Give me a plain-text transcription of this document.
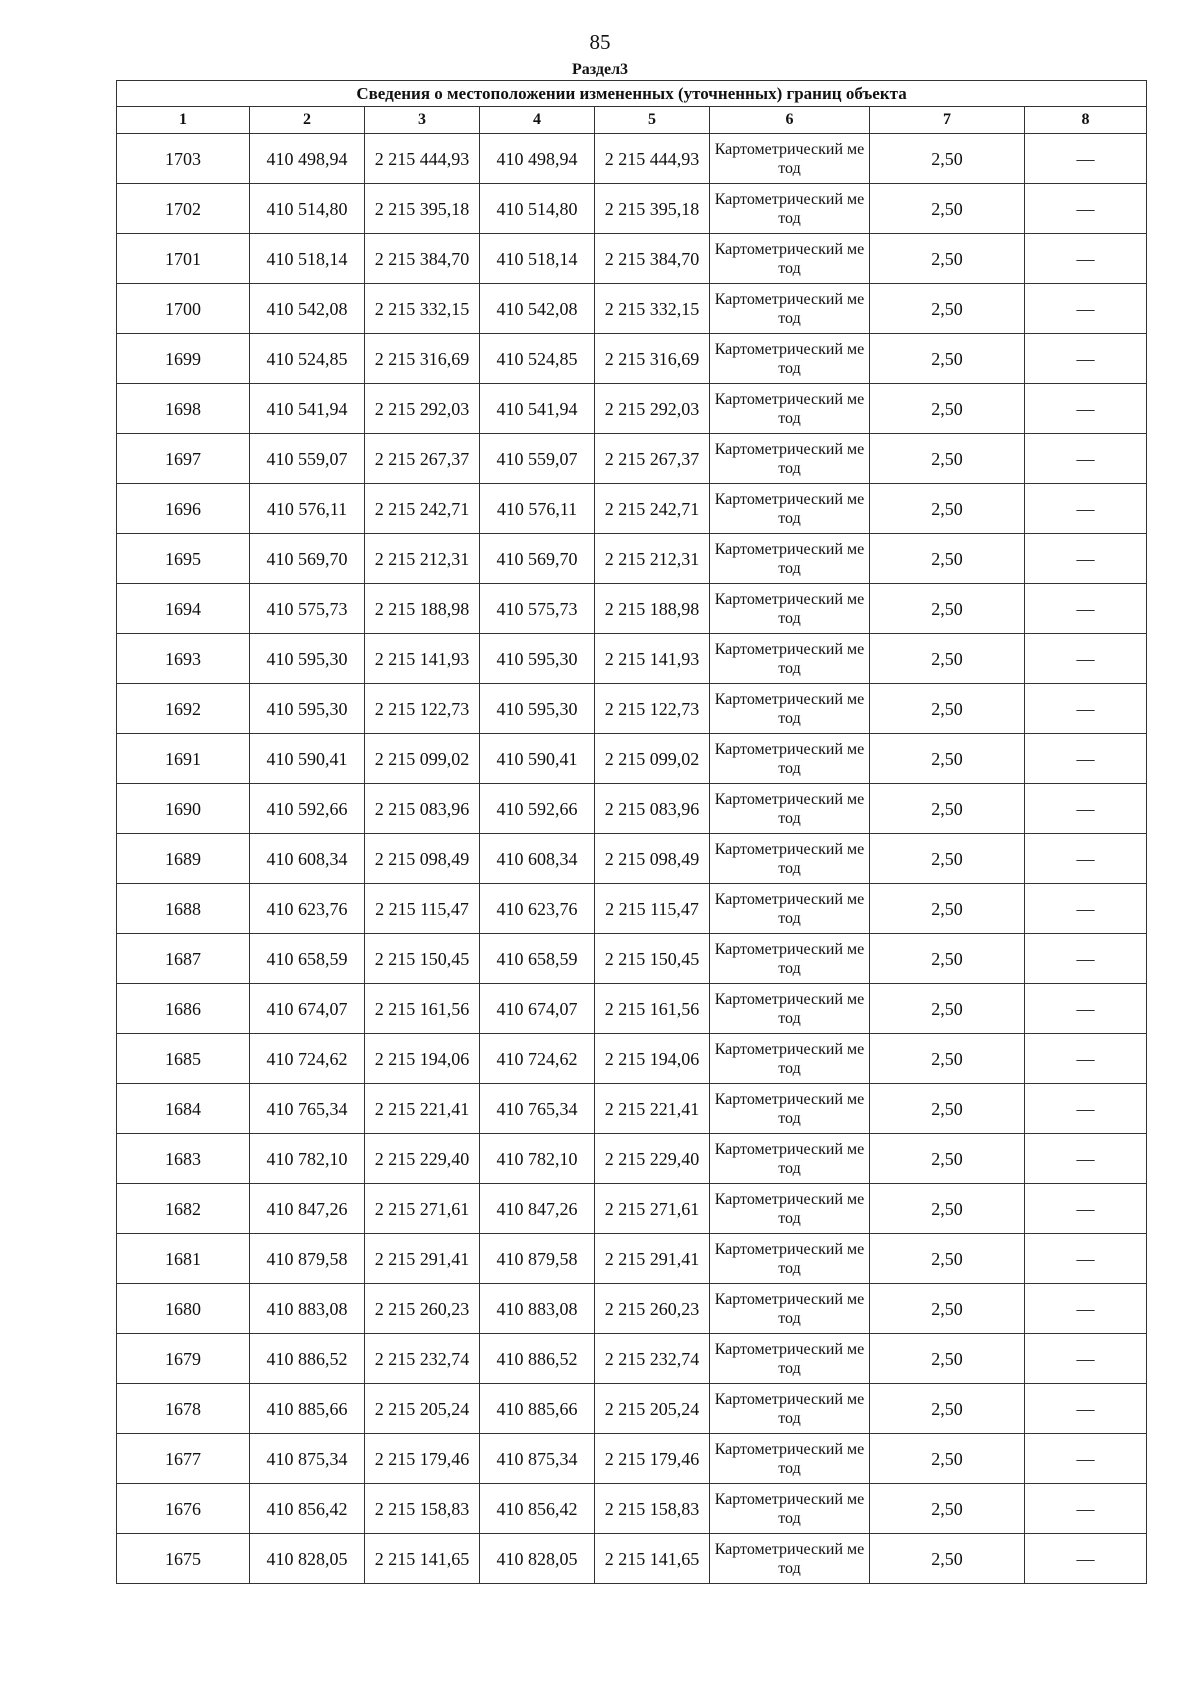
85
Раздел3
Сведения о местоположении измененных (уточненных) границ объекта							
1	2	3	4	5	6	7	8
1703	410 498,94	2 215 444,93	410 498,94	2 215 444,93	Картометрический метод	2,50	—
1702	410 514,80	2 215 395,18	410 514,80	2 215 395,18	Картометрический метод	2,50	—
1701	410 518,14	2 215 384,70	410 518,14	2 215 384,70	Картометрический метод	2,50	—
1700	410 542,08	2 215 332,15	410 542,08	2 215 332,15	Картометрический метод	2,50	—
1699	410 524,85	2 215 316,69	410 524,85	2 215 316,69	Картометрический метод	2,50	—
1698	410 541,94	2 215 292,03	410 541,94	2 215 292,03	Картометрический метод	2,50	—
1697	410 559,07	2 215 267,37	410 559,07	2 215 267,37	Картометрический метод	2,50	—
1696	410 576,11	2 215 242,71	410 576,11	2 215 242,71	Картометрический метод	2,50	—
1695	410 569,70	2 215 212,31	410 569,70	2 215 212,31	Картометрический метод	2,50	—
1694	410 575,73	2 215 188,98	410 575,73	2 215 188,98	Картометрический метод	2,50	—
1693	410 595,30	2 215 141,93	410 595,30	2 215 141,93	Картометрический метод	2,50	—
1692	410 595,30	2 215 122,73	410 595,30	2 215 122,73	Картометрический метод	2,50	—
1691	410 590,41	2 215 099,02	410 590,41	2 215 099,02	Картометрический метод	2,50	—
1690	410 592,66	2 215 083,96	410 592,66	2 215 083,96	Картометрический метод	2,50	—
1689	410 608,34	2 215 098,49	410 608,34	2 215 098,49	Картометрический метод	2,50	—
1688	410 623,76	2 215 115,47	410 623,76	2 215 115,47	Картометрический метод	2,50	—
1687	410 658,59	2 215 150,45	410 658,59	2 215 150,45	Картометрический метод	2,50	—
1686	410 674,07	2 215 161,56	410 674,07	2 215 161,56	Картометрический метод	2,50	—
1685	410 724,62	2 215 194,06	410 724,62	2 215 194,06	Картометрический метод	2,50	—
1684	410 765,34	2 215 221,41	410 765,34	2 215 221,41	Картометрический метод	2,50	—
1683	410 782,10	2 215 229,40	410 782,10	2 215 229,40	Картометрический метод	2,50	—
1682	410 847,26	2 215 271,61	410 847,26	2 215 271,61	Картометрический метод	2,50	—
1681	410 879,58	2 215 291,41	410 879,58	2 215 291,41	Картометрический метод	2,50	—
1680	410 883,08	2 215 260,23	410 883,08	2 215 260,23	Картометрический метод	2,50	—
1679	410 886,52	2 215 232,74	410 886,52	2 215 232,74	Картометрический метод	2,50	—
1678	410 885,66	2 215 205,24	410 885,66	2 215 205,24	Картометрический метод	2,50	—
1677	410 875,34	2 215 179,46	410 875,34	2 215 179,46	Картометрический метод	2,50	—
1676	410 856,42	2 215 158,83	410 856,42	2 215 158,83	Картометрический метод	2,50	—
1675	410 828,05	2 215 141,65	410 828,05	2 215 141,65	Картометрический метод	2,50	—
